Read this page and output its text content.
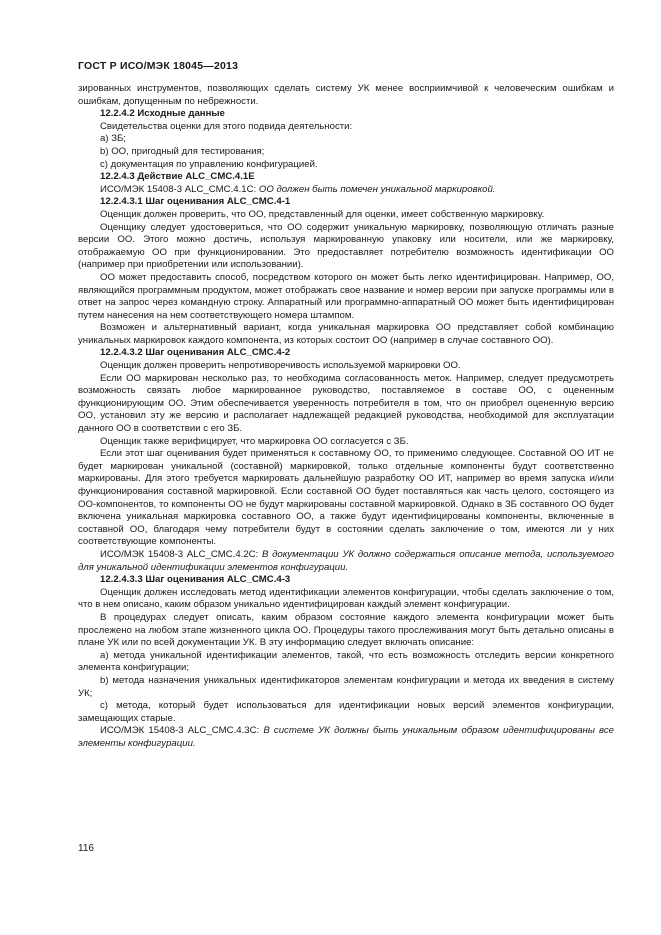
ГОСТ Р ИСО/МЭК 18045—2013

зированных инструментов, позволяющих сделать систему УК менее восприимчивой к человеческим ошибкам и ошибкам, допущенным по небрежности.

12.2.4.2 Исходные данные

Свидетельства оценки для этого подвида деятельности:

а) ЗБ;

b) ОО, пригодный для тестирования;

с) документация по управлению конфигурацией.

12.2.4.3 Действие ALC_CMC.4.1E

ИСО/МЭК 15408-3 ALC_CMC.4.1C: ОО должен быть помечен уникальной маркировкой.

12.2.4.3.1 Шаг оценивания ALC_CMC.4-1

Оценщик должен проверить, что ОО, представленный для оценки, имеет собственную маркировку.

Оценщику следует удостовериться, что ОО содержит уникальную маркировку, позволяющую отличать разные версии ОО. Этого можно достичь, используя маркированную упаковку или носители, или же маркировку, отображаемую ОО при функционировании. Это предоставляет потребителю возможность идентификации ОО (например при приобретении или использовании).

ОО может предоставить способ, посредством которого он может быть легко идентифицирован. Например, ОО, являющийся программным продуктом, может отображать свое название и номер версии при запуске программы или в ответ на запрос через командную строку. Аппаратный или программно-аппаратный ОО может быть идентифицирован путем нанесения на нем соответствующего номера штампом.

Возможен и альтернативный вариант, когда уникальная маркировка ОО представляет собой комбинацию уникальных маркировок каждого компонента, из которых состоит ОО (например в случае составного ОО).

12.2.4.3.2 Шаг оценивания ALC_CMC.4-2

Оценщик должен проверить непротиворечивость используемой маркировки ОО.

Если ОО маркирован несколько раз, то необходима согласованность меток. Например, следует предусмотреть возможность связать любое маркированное руководство, поставляемое в составе ОО, с оцененным функционирующим ОО. Этим обеспечивается уверенность потребителя в том, что он приобрел оцененную версию ОО, установил эту же версию и располагает надлежащей редакцией руководства, необходимой для эксплуатации данного ОО в соответствии с его ЗБ.

Оценщик также верифицирует, что маркировка ОО согласуется с ЗБ.

Если этот шаг оценивания будет применяться к составному ОО, то применимо следующее. Составной ОО ИТ не будет маркирован уникальной (составной) маркировкой, только отдельные компоненты будут соответственно маркированы. Для этого требуется маркировать дальнейшую разработку ОО ИТ, например во время запуска и/или функционирования составной маркировкой. Если составной ОО будет поставляться как часть целого, состоящего из ОО-компонентов, то компоненты ОО не будут маркированы составной маркировкой. Однако в ЗБ составного ОО будет включена уникальная маркировка составного ОО, а также будут идентифицированы компоненты, включенные в составной ОО, благодаря чему потребители будут в состоянии сделать заключение о том, имеются ли у них соответствующие компоненты.

ИСО/МЭК 15408-3 ALC_CMC.4.2С: В документации УК должно содержаться описание метода, используемого для уникальной идентификации элементов конфигурации.

12.2.4.3.3 Шаг оценивания ALC_CMC.4-3

Оценщик должен исследовать метод идентификации элементов конфигурации, чтобы сделать заключение о том, что в нем описано, каким образом уникально идентифицирован каждый элемент конфигурации.

В процедурах следует описать, каким образом состояние каждого элемента конфигурации может быть прослежено на любом этапе жизненного цикла ОО. Процедуры такого прослеживания могут быть детально описаны в плане УК или по всей документации УК. В эту информацию следует включать описание:

а) метода уникальной идентификации элементов, такой, что есть возможность отследить версии конкретного элемента конфигурации;

b) метода назначения уникальных идентификаторов элементам конфигурации и метода их введения в систему УК;

с) метода, который будет использоваться для идентификации новых версий элементов конфигурации, замещающих старые.

ИСО/МЭК 15408-3 ALC_CMC.4.3С: В системе УК должны быть уникальным образом идентифицированы все элементы конфигурации.

116
